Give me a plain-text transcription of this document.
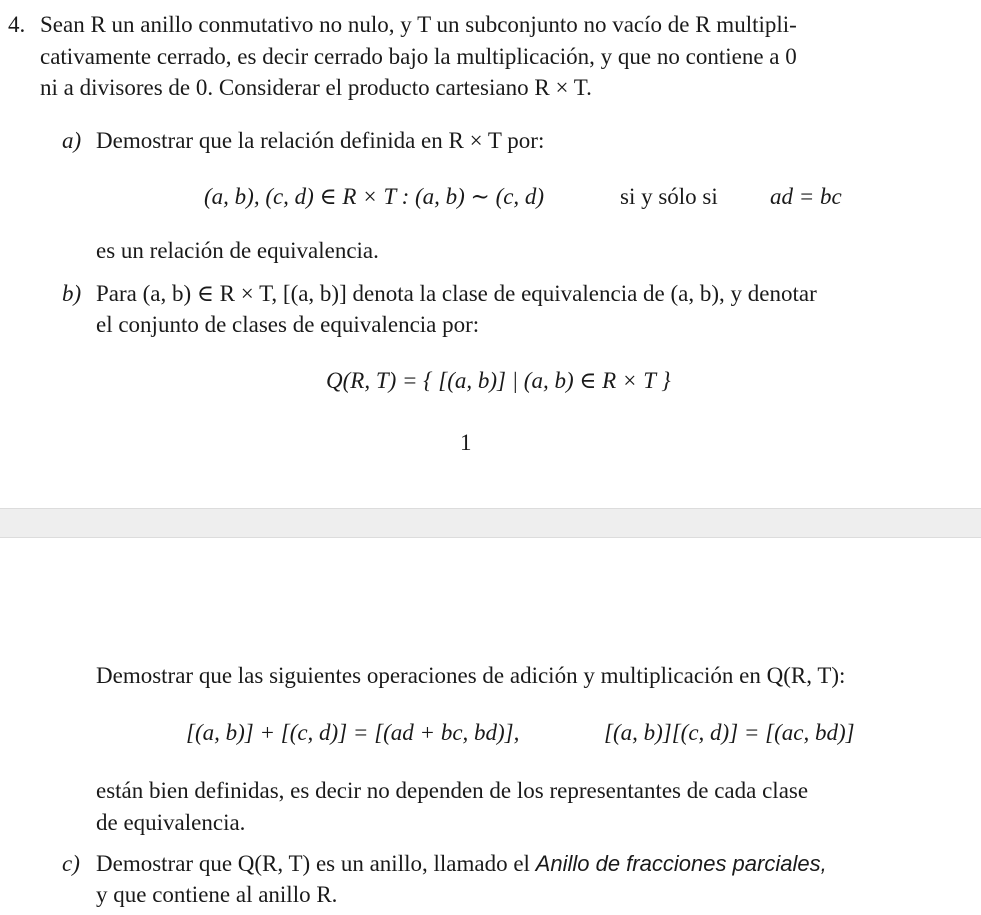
4. Sean R un anillo conmutativo no nulo, y T un subconjunto no vacío de R multipli-
cativamente cerrado, es decir cerrado bajo la multiplicación, y que no contiene a 0
ni a divisores de 0. Considerar el producto cartesiano R × T.
a) Demostrar que la relación definida en R × T por:
(a, b), (c, d) ∈ R × T : (a, b) ∼ (c, d)	si y sólo si ad = bc
es un relación de equivalencia.
b) Para (a, b) ∈ R × T, [(a, b)] denota la clase de equivalencia de (a, b), y denotar
el conjunto de clases de equivalencia por:
Q(R, T) = { [(a, b)] | (a, b) ∈ R × T }
1
Demostrar que las siguientes operaciones de adición y multiplicación en Q(R, T):
[(a, b)] + [(c, d)] = [(ad + bc, bd)],	[(a, b)][(c, d)] = [(ac, bd)]
están bien definidas, es decir no dependen de los representantes de cada clase
de equivalencia.
c) Demostrar que Q(R, T) es un anillo, llamado el Anillo de fracciones parciales,
y que contiene al anillo R.
